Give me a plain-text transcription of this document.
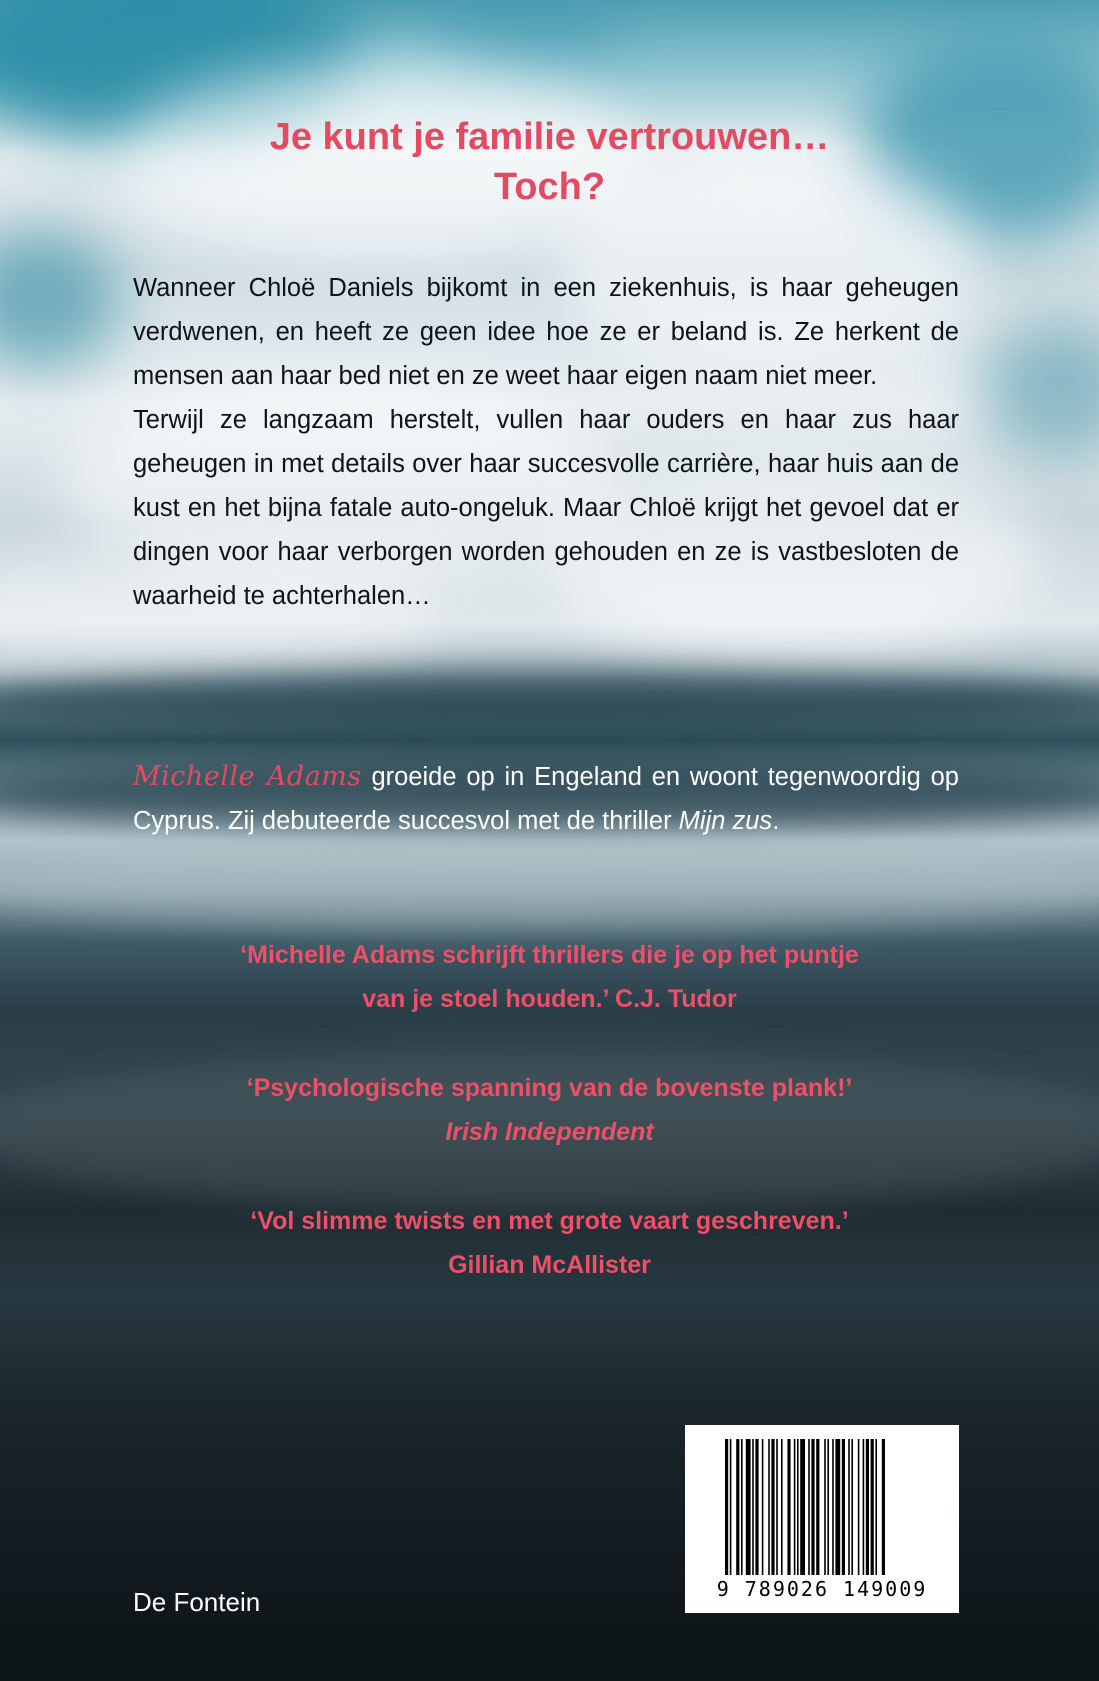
Je kunt je familie vertrouwen…
Toch?

Wanneer Chloë Daniels bijkomt in een ziekenhuis, is haar geheugen verdwenen, en heeft ze geen idee hoe ze er beland is. Ze herkent de mensen aan haar bed niet en ze weet haar eigen naam niet meer.

Terwijl ze langzaam herstelt, vullen haar ouders en haar zus haar geheugen in met details over haar succesvolle carrière, haar huis aan de kust en het bijna fatale auto-ongeluk. Maar Chloë krijgt het gevoel dat er dingen voor haar verborgen worden gehouden en ze is vastbesloten de waarheid te achterhalen…

Michelle Adams groeide op in Engeland en woont tegenwoordig op Cyprus. Zij debuteerde succesvol met de thriller Mijn zus.

‘Michelle Adams schrijft thrillers die je op het puntje
van je stoel houden.’ C.J. Tudor
‘Psychologische spanning van de bovenste plank!’
Irish Independent
‘Vol slimme twists en met grote vaart geschreven.’
Gillian McAllister

De Fontein	9 789026 149009
